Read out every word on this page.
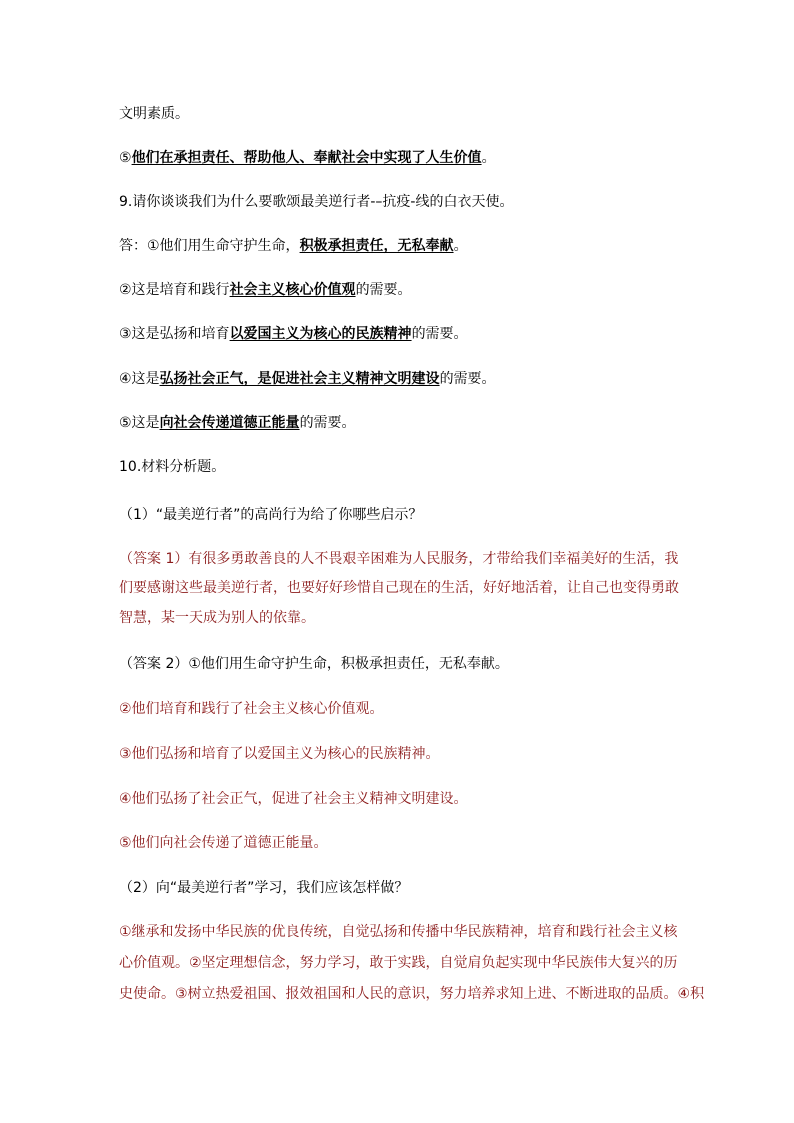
文明素质。
⑤他们在承担责任、帮助他人、奉献社会中实现了人生价值。
9.请你谈谈我们为什么要歌颂最美逆行者-–抗疫-线的白衣天使。
答：①他们用生命守护生命，积极承担责任，无私奉献。
②这是培育和践行社会主义核心价值观的需要。
③这是弘扬和培育以爱国主义为核心的民族精神的需要。
④这是弘扬社会正气，是促进社会主义精神文明建设的需要。
⑤这是向社会传递道德正能量的需要。
10.材料分析题。
（1）“最美逆行者”的高尚行为给了你哪些启示？
（答案 1）有很多勇敢善良的人不畏艰辛困难为人民服务，才带给我们幸福美好的生活，我
们要感谢这些最美逆行者，也要好好珍惜自己现在的生活，好好地活着，让自己也变得勇敢
智慧，某一天成为别人的依靠。
（答案 2）①他们用生命守护生命，积极承担责任，无私奉献。
②他们培育和践行了社会主义核心价值观。
③他们弘扬和培育了以爱国主义为核心的民族精神。
④他们弘扬了社会正气，促进了社会主义精神文明建设。
⑤他们向社会传递了道德正能量。
（2）向“最美逆行者”学习，我们应该怎样做？
①继承和发扬中华民族的优良传统，自觉弘扬和传播中华民族精神，培育和践行社会主义核
心价值观。②坚定理想信念，努力学习，敢于实践，自觉肩负起实现中华民族伟大复兴的历
史使命。③树立热爱祖国、报效祖国和人民的意识，努力培养求知上进、不断进取的品质。④积
